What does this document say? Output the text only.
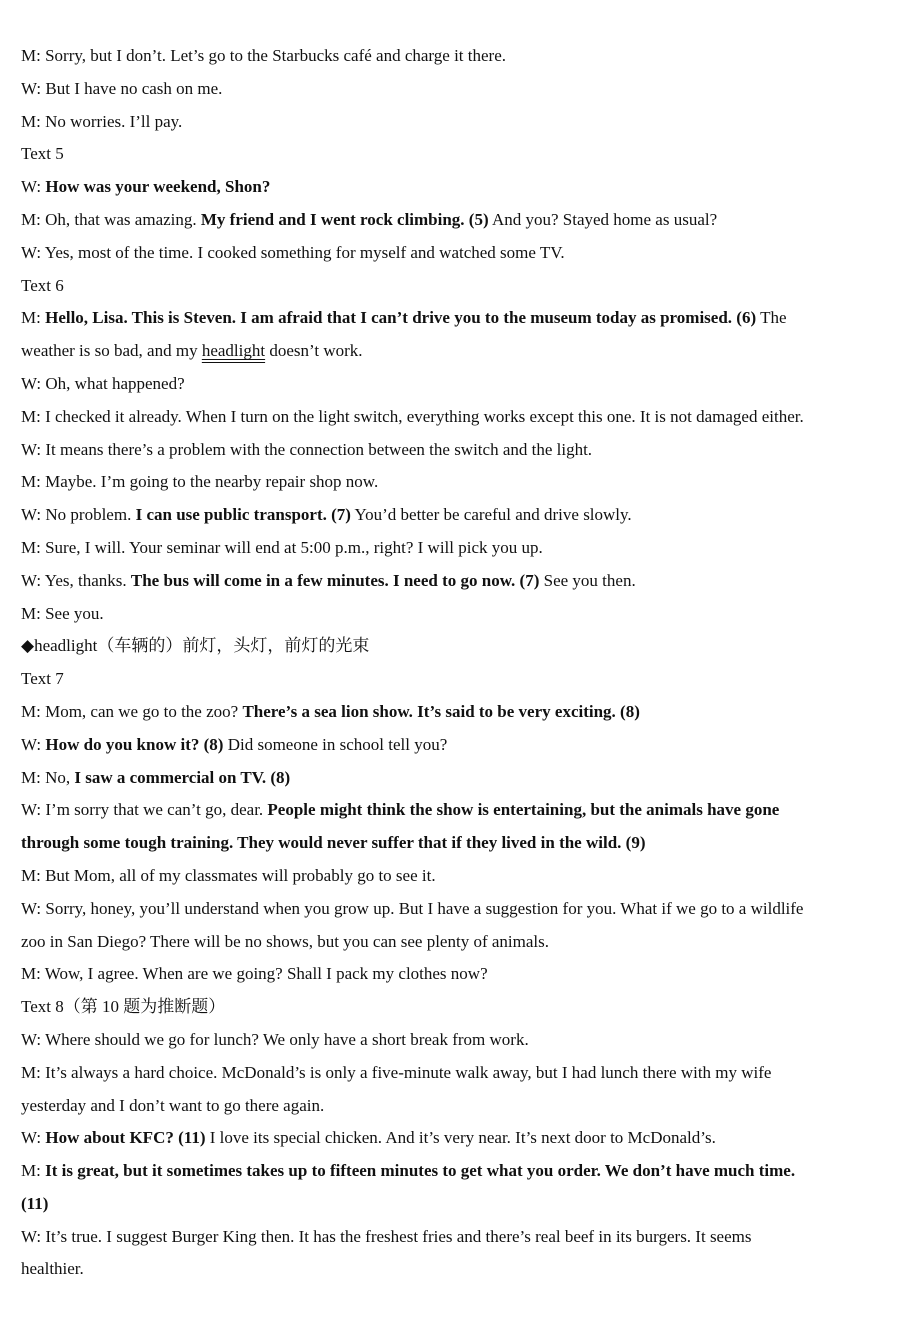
M: Sorry, but I don’t. Let’s go to the Starbucks café and charge it there.
W: But I have no cash on me.
M: No worries. I’ll pay.
Text 5
W: How was your weekend, Shon?
M: Oh, that was amazing. My friend and I went rock climbing. (5) And you? Stayed home as usual?
W: Yes, most of the time. I cooked something for myself and watched some TV.
Text 6
M: Hello, Lisa. This is Steven. I am afraid that I can’t drive you to the museum today as promised. (6) The
weather is so bad, and my headlight doesn’t work.
W: Oh, what happened?
M: I checked it already. When I turn on the light switch, everything works except this one. It is not damaged either.
W: It means there’s a problem with the connection between the switch and the light.
M: Maybe. I’m going to the nearby repair shop now.
W: No problem. I can use public transport. (7) You’d better be careful and drive slowly.
M: Sure, I will. Your seminar will end at 5:00 p.m., right? I will pick you up.
W: Yes, thanks. The bus will come in a few minutes. I need to go now. (7) See you then.
M: See you.
◆headlight（车辆的）前灯，头灯，前灯的光束
Text 7
M: Mom, can we go to the zoo? There’s a sea lion show. It’s said to be very exciting. (8)
W: How do you know it? (8) Did someone in school tell you?
M: No, I saw a commercial on TV. (8)
W: I’m sorry that we can’t go, dear. People might think the show is entertaining, but the animals have gone
through some tough training. They would never suffer that if they lived in the wild. (9)
M: But Mom, all of my classmates will probably go to see it.
W: Sorry, honey, you’ll understand when you grow up. But I have a suggestion for you. What if we go to a wildlife
zoo in San Diego? There will be no shows, but you can see plenty of animals.
M: Wow, I agree. When are we going? Shall I pack my clothes now?
Text 8（第 10 题为推断题）
W: Where should we go for lunch? We only have a short break from work.
M: It’s always a hard choice. McDonald’s is only a five-minute walk away, but I had lunch there with my wife
yesterday and I don’t want to go there again.
W: How about KFC? (11) I love its special chicken. And it’s very near. It’s next door to McDonald’s.
M: It is great, but it sometimes takes up to fifteen minutes to get what you order. We don’t have much time.
(11)
W: It’s true. I suggest Burger King then. It has the freshest fries and there’s real beef in its burgers. It seems
healthier.
